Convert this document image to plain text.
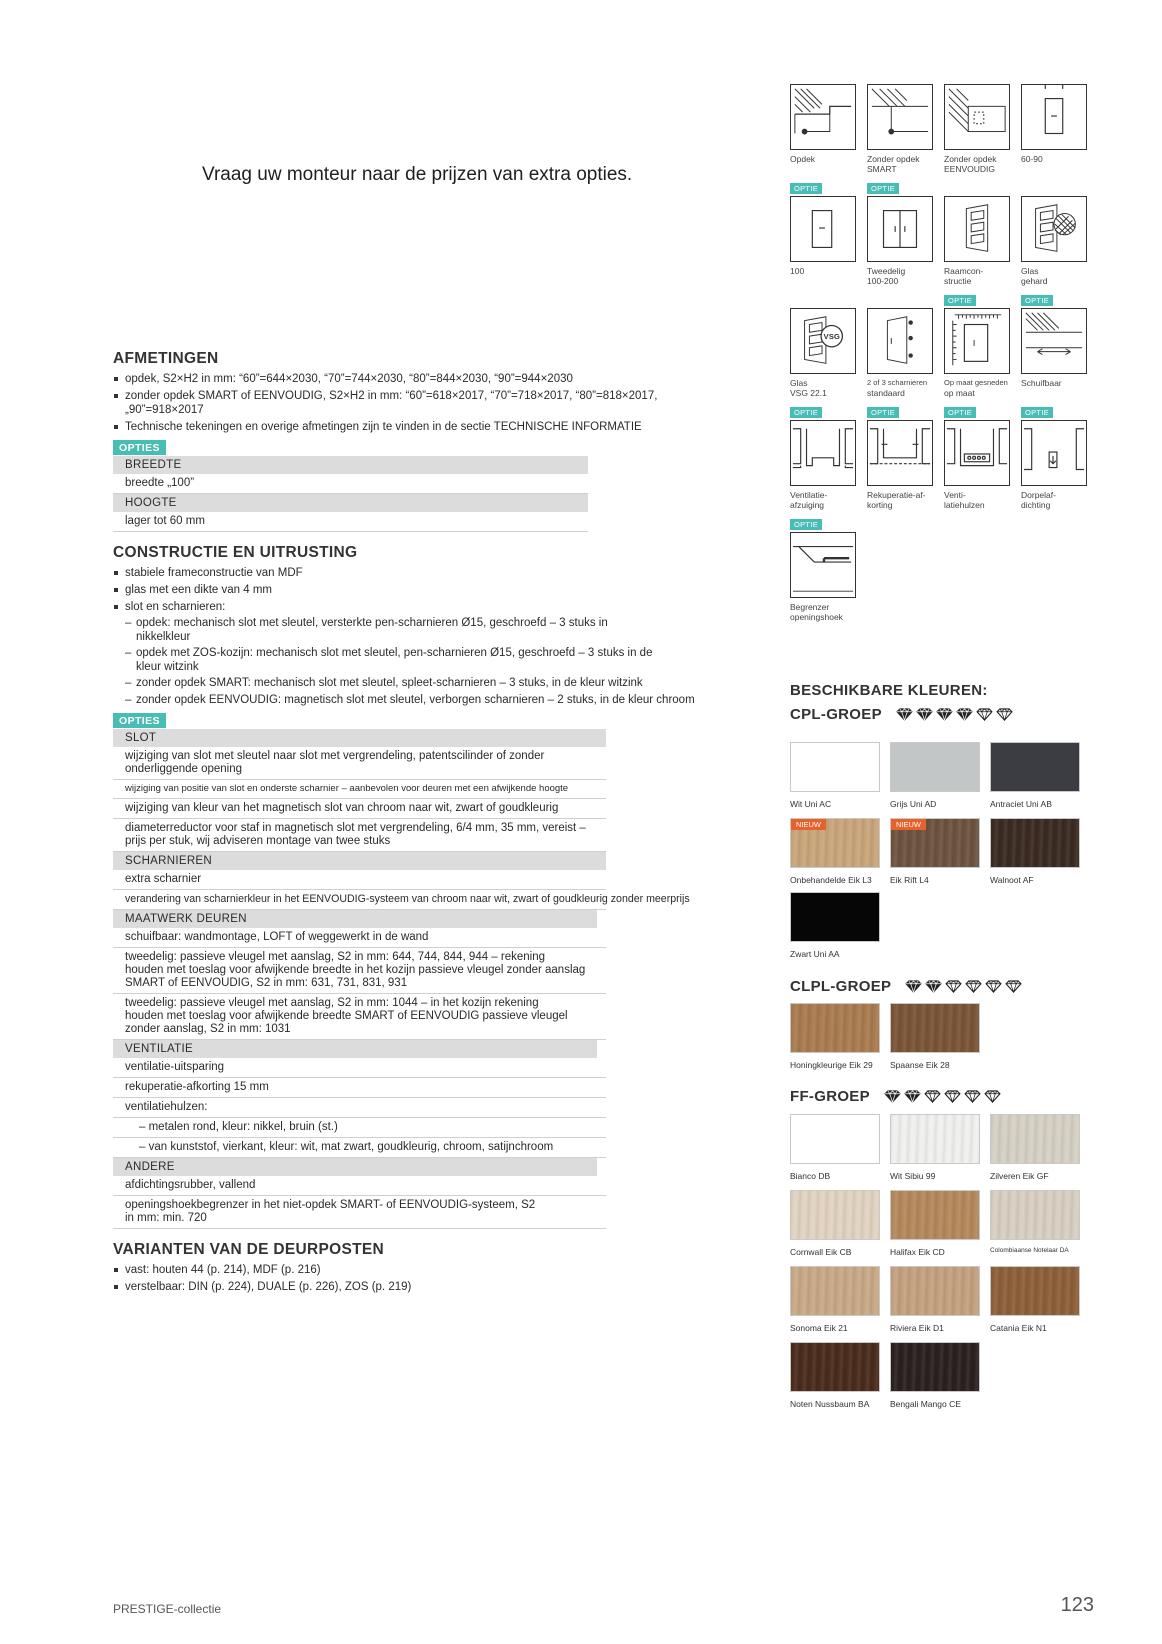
Vraag uw monteur naar de prijzen van extra opties.
AFMETINGEN
opdek, S2×H2 in mm: “60”=644×2030, “70”=744×2030, “80”=844×2030, “90”=944×2030
zonder opdek SMART of EENVOUDIG, S2×H2 in mm: “60”=618×2017, “70”=718×2017, “80”=818×2017, „90”=918×2017
Technische tekeningen en overige afmetingen zijn te vinden in de sectie TECHNISCHE INFORMATIE
OPTIES
BREEDTE
breedte „100”
HOOGTE
lager tot 60 mm
CONSTRUCTIE EN UITRUSTING
stabiele frameconstructie van MDF
glas met een dikte van 4 mm
slot en scharnieren:
– opdek: mechanisch slot met sleutel, versterkte pen-scharnieren Ø15, geschroefd – 3 stuks in nikkelkleur
– opdek met ZOS-kozijn: mechanisch slot met sleutel, pen-scharnieren Ø15, geschroefd – 3 stuks in de kleur witzink
– zonder opdek SMART: mechanisch slot met sleutel, spleet-scharnieren – 3 stuks, in de kleur witzink
– zonder opdek EENVOUDIG: magnetisch slot met sleutel, verborgen scharnieren – 2 stuks, in de kleur chroom
OPTIES
SLOT
wijziging van slot met sleutel naar slot met vergrendeling, patentscilinder of zonder onderliggende opening
wijziging van positie van slot en onderste scharnier – aanbevolen voor deuren met een afwijkende hoogte
wijziging van kleur van het magnetisch slot van chroom naar wit, zwart of goudkleurig
diameterreductor voor staf in magnetisch slot met vergrendeling, 6/4 mm, 35 mm, vereist – prijs per stuk, wij adviseren montage van twee stuks
SCHARNIEREN
extra scharnier
verandering van scharnierkleur in het EENVOUDIG-systeem van chroom naar wit, zwart of goudkleurig zonder meerprijs
MAATWERK DEUREN
schuifbaar: wandmontage, LOFT of weggewerkt in de wand
tweedelig: passieve vleugel met aanslag, S2 in mm: 644, 744, 844, 944 – rekening houden met toeslag voor afwijkende breedte in het kozijn passieve vleugel zonder aanslag SMART of EENVOUDIG, S2 in mm: 631, 731, 831, 931
tweedelig: passieve vleugel met aanslag, S2 in mm: 1044 – in het kozijn rekening houden met toeslag voor afwijkende breedte SMART of EENVOUDIG passieve vleugel zonder aanslag, S2 in mm: 1031
VENTILATIE
ventilatie-uitsparing
rekuperatie-afkorting 15 mm
ventilatiehulzen:
– metalen rond, kleur: nikkel, bruin (st.)
– van kunststof, vierkant, kleur: wit, mat zwart, goudkleurig, chroom, satijnchroom
ANDERE
afdichtingsrubber, vallend
openingshoekbegrenzer in het niet-opdek SMART- of EENVOUDIG-systeem, S2 in mm: min. 720
VARIANTEN VAN DE DEURPOSTEN
vast: houten 44 (p. 214), MDF (p. 216)
verstelbaar: DIN (p. 224), DUALE (p. 226), ZOS (p. 219)
Opdek	Zonder opdek
SMART
Zonder opdek
EENVOUDIG
60-90
OPTIE
100
OPTIE
Tweedelig
100-200
Raamcon-
structie
Glas
gehard
VSG
Glas
VSG 22.1
2 of 3 scharnieren
standaard
OPTIE
Op maat gesneden
op maat
OPTIE
Schuifbaar
OPTIE
Ventilatie-
afzuiging
OPTIE
Rekuperatie-af-
korting
OPTIE
Venti-
latiehulzen
OPTIE
Dorpelaf-
dichting
OPTIE
Begrenzer
openingshoek
BESCHIKBARE KLEUREN:
CPL-GROEP
CLPL-GROEP
FF-GROEP
Wit Uni AC	Grijs Uni AD	Antraciet Uni AB
NIEUW
Onbehandelde Eik L3
NIEUW
Eik Rift L4	Walnoot AF
Zwart Uni AA
Honingkleurige Eik 29	Spaanse Eik 28
Bianco DB	Wit Sibiu 99	Zilveren Eik GF
Cornwall Eik CB	Halifax Eik CD	Colombiaanse Notelaar DA
Sonoma Eik 21	Riviera Eik D1	Catania Eik N1
Noten Nussbaum BA	Bengali Mango CE
PRESTIGE-collectie	123
